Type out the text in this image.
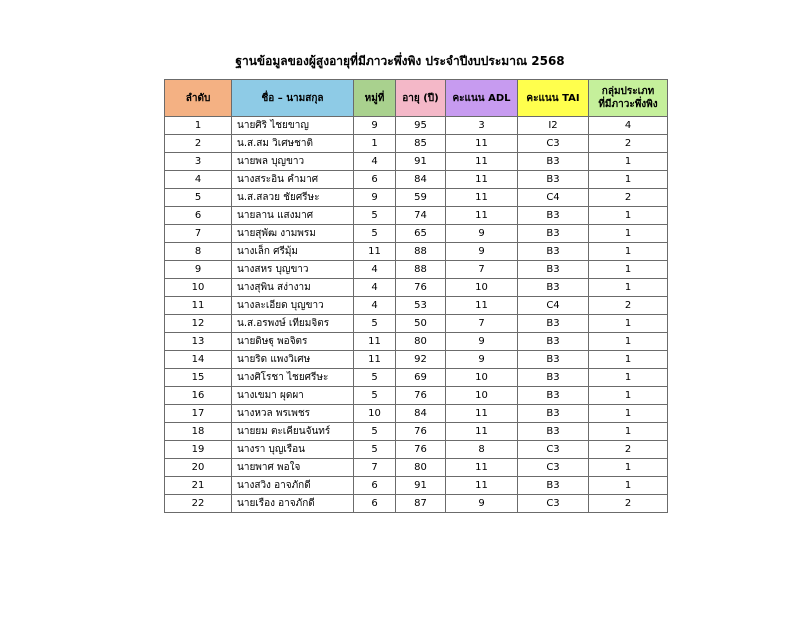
ฐานข้อมูลของผู้สูงอายุที่มีภาวะพึ่งพิง ประจำปีงบประมาณ 2568
ลำดับ	ชื่อ – นามสกุล	หมู่ที่	อายุ (ปี)	คะแนน ADL	คะแนน TAI	กลุ่มประเภท
ที่มีภาวะพึ่งพิง

1	นายศิริ ไชยขาญ	9	95	3	I2	4
2	น.ส.สม วิเศษชาติ	1	85	11	C3	2
3	นายพล บุญขาว	4	91	11	B3	1
4	นางสระอิน คำมาศ	6	84	11	B3	1
5	น.ส.สลวย ชัยศรีษะ	9	59	11	C4	2
6	นายลาน แสงมาศ	5	74	11	B3	1
7	นายสุพัฒ งามพรม	5	65	9	B3	1
8	นางเล็ก ศรีมุ้ม	11	88	9	B3	1
9	นางสหร บุญขาว	4	88	7	B3	1
10	นางสุพิน สง่างาม	4	76	10	B3	1
11	นางละเอียด บุญขาว	4	53	11	C4	2
12	น.ส.อรพงษ์ เทียมจิตร	5	50	7	B3	1
13	นายดิษฐุ พอจิตร	11	80	9	B3	1
14	นายริด แพงวิเศษ	11	92	9	B3	1
15	นางศิโรชา ไชยศรีษะ	5	69	10	B3	1
16	นางเขมา ผุดผา	5	76	10	B3	1
17	นางหวล พรเพชร	10	84	11	B3	1
18	นายยม ตะเคียนจันทร์	5	76	11	B3	1
19	นางรา บุญเรือน	5	76	8	C3	2
20	นายพาศ พอใจ	7	80	11	C3	1
21	นางสวิง อาจภักดี	6	91	11	B3	1
22	นายเรือง อาจภักดี	6	87	9	C3	2
